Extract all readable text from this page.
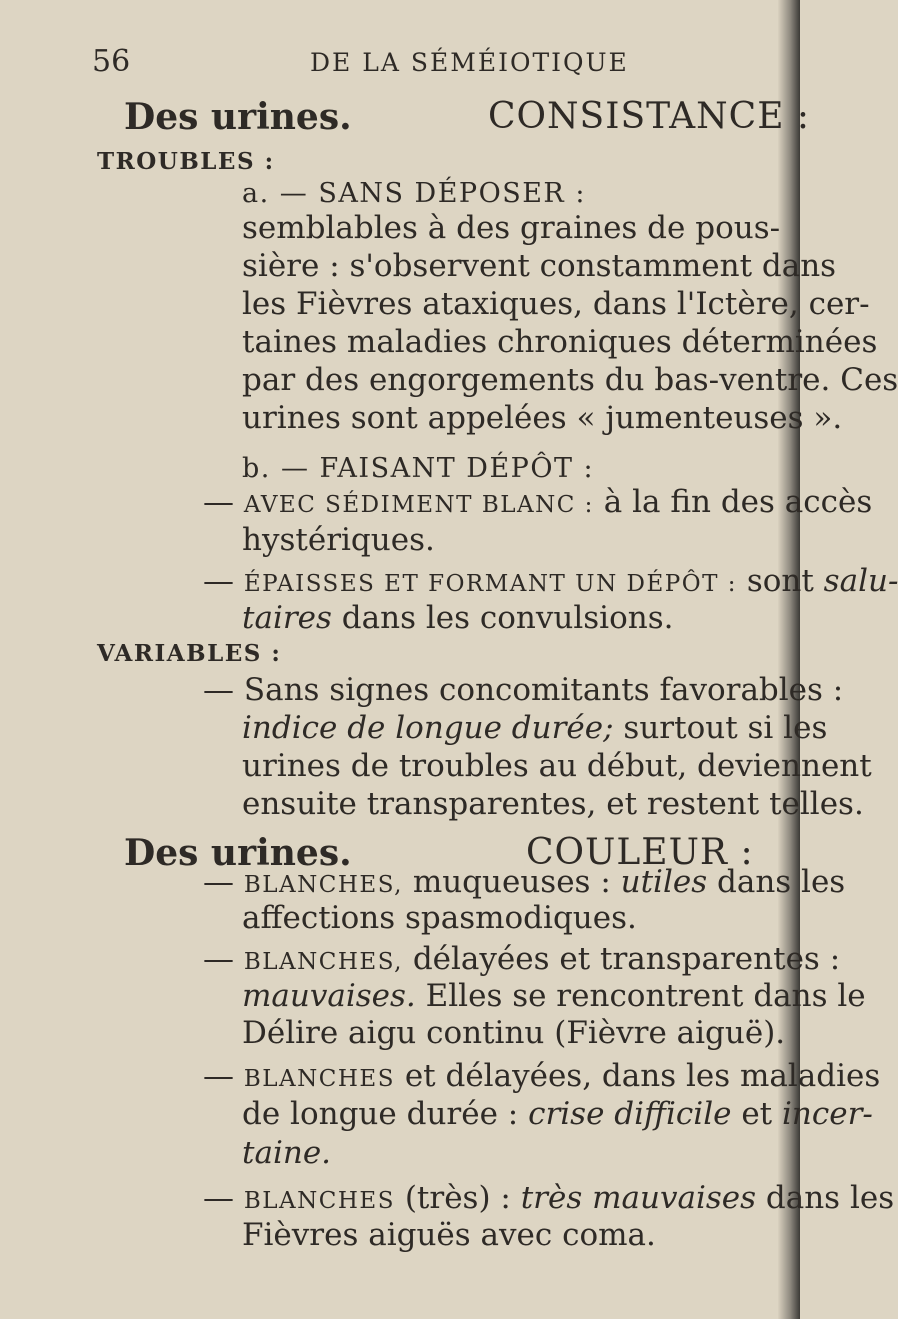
56	DE LA SÉMÉIOTIQUE
Des urines.	CONSISTANCE :
TROUBLES :
a. — SANS DÉPOSER :
semblables à des graines de pous-
sière : s'observent constamment dans
les Fièvres ataxiques, dans l'Ictère, cer-
taines maladies chroniques déterminées
par des engorgements du bas-ventre. Ces
urines sont appelées « jumenteuses ».
b. — FAISANT DÉPÔT :
— AVEC SÉDIMENT BLANC : à la fin des accès
hystériques.
— ÉPAISSES ET FORMANT UN DÉPÔT : sont salu-
taires dans les convulsions.
VARIABLES :
— Sans signes concomitants favorables :
indice de longue durée; surtout si les
urines de troubles au début, deviennent
ensuite transparentes, et restent telles.
Des urines.	COULEUR :
— BLANCHES, muqueuses : utiles dans les
affections spasmodiques.
— BLANCHES, délayées et transparentes :
mauvaises. Elles se rencontrent dans le
Délire aigu continu (Fièvre aiguë).
— BLANCHES et délayées, dans les maladies
de longue durée : crise difficile et incer-
taine.
— BLANCHES (très) : très mauvaises dans les
Fièvres aiguës avec coma.
